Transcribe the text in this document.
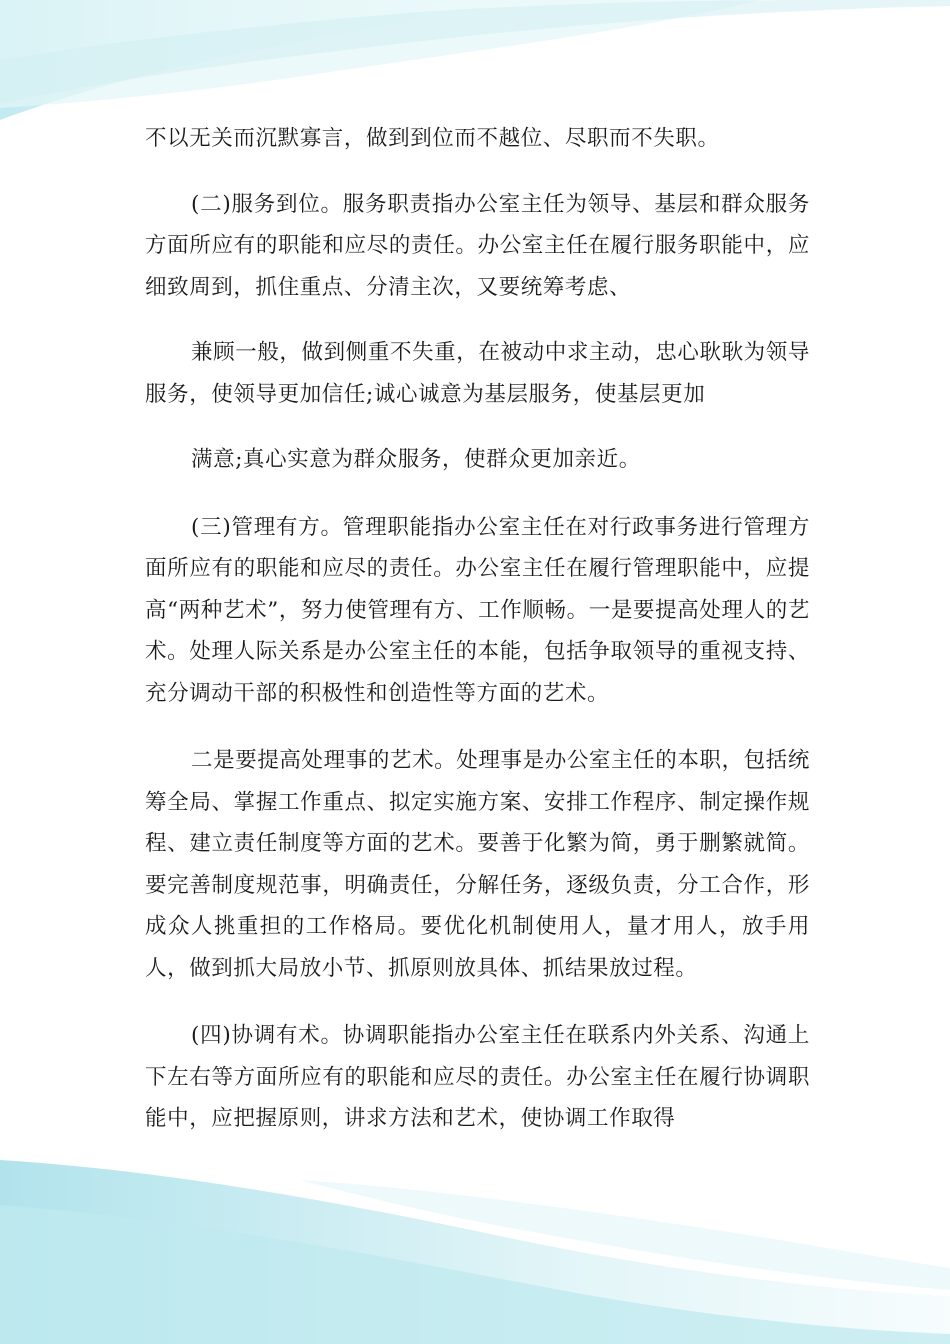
不以无关而沉默寡言，做到到位而不越位、尽职而不失职。

(二)服务到位。服务职责指办公室主任为领导、基层和群众服务方面所应有的职能和应尽的责任。办公室主任在履行服务职能中，应细致周到，抓住重点、分清主次，又要统筹考虑、

兼顾一般，做到侧重不失重，在被动中求主动，忠心耿耿为领导服务，使领导更加信任;诚心诚意为基层服务，使基层更加

满意;真心实意为群众服务，使群众更加亲近。

(三)管理有方。管理职能指办公室主任在对行政事务进行管理方面所应有的职能和应尽的责任。办公室主任在履行管理职能中，应提高“两种艺术”，努力使管理有方、工作顺畅。一是要提高处理人的艺术。处理人际关系是办公室主任的本能，包括争取领导的重视支持、充分调动干部的积极性和创造性等方面的艺术。

二是要提高处理事的艺术。处理事是办公室主任的本职，包括统筹全局、掌握工作重点、拟定实施方案、安排工作程序、制定操作规程、建立责任制度等方面的艺术。要善于化繁为简，勇于删繁就简。要完善制度规范事，明确责任，分解任务，逐级负责，分工合作，形成众人挑重担的工作格局。要优化机制使用人，量才用人，放手用人，做到抓大局放小节、抓原则放具体、抓结果放过程。

(四)协调有术。协调职能指办公室主任在联系内外关系、沟通上下左右等方面所应有的职能和应尽的责任。办公室主任在履行协调职能中，应把握原则，讲求方法和艺术，使协调工作取得
